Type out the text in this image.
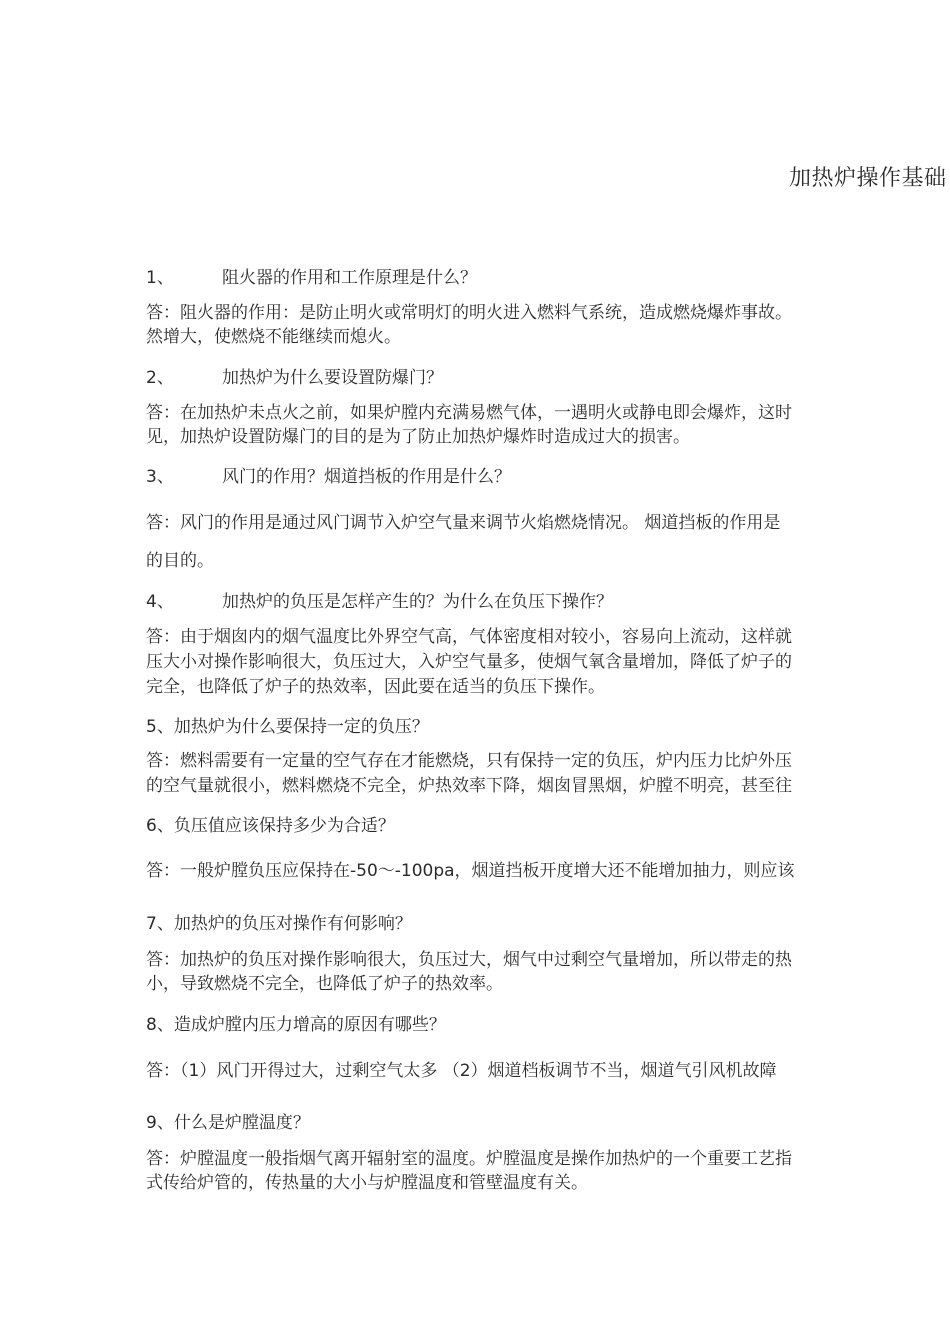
加热炉操作基础
1、	阻火器的作用和工作原理是什么？
答：阻火器的作用：是防止明火或常明灯的明火进入燃料气系统，造成燃烧爆炸事故。
然增大，使燃烧不能继续而熄火。
2、	加热炉为什么要设置防爆门？
答：在加热炉未点火之前，如果炉膛内充满易燃气体，一遇明火或静电即会爆炸，这时
见，加热炉设置防爆门的目的是为了防止加热炉爆炸时造成过大的损害。
3、	风门的作用？烟道挡板的作用是什么？
答：风门的作用是通过风门调节入炉空气量来调节火焰燃烧情况。 烟道挡板的作用是
的目的。
4、	加热炉的负压是怎样产生的？为什么在负压下操作？
答：由于烟囱内的烟气温度比外界空气高，气体密度相对较小，容易向上流动，这样就
压大小对操作影响很大，负压过大，入炉空气量多，使烟气氧含量增加，降低了炉子的
完全，也降低了炉子的热效率，因此要在适当的负压下操作。
5、加热炉为什么要保持一定的负压？
答：燃料需要有一定量的空气存在才能燃烧，只有保持一定的负压，炉内压力比炉外压
的空气量就很小，燃料燃烧不完全，炉热效率下降，烟囱冒黑烟，炉膛不明亮，甚至往
6、负压值应该保持多少为合适？
答：一般炉膛负压应保持在-50～-100pa，烟道挡板开度增大还不能增加抽力，则应该
7、加热炉的负压对操作有何影响？
答：加热炉的负压对操作影响很大，负压过大，烟气中过剩空气量增加，所以带走的热
小，导致燃烧不完全，也降低了炉子的热效率。
8、造成炉膛内压力增高的原因有哪些？
答：（1）风门开得过大，过剩空气太多 （2）烟道档板调节不当，烟道气引风机故障
9、什么是炉膛温度？
答：炉膛温度一般指烟气离开辐射室的温度。炉膛温度是操作加热炉的一个重要工艺指
式传给炉管的，传热量的大小与炉膛温度和管壁温度有关。
